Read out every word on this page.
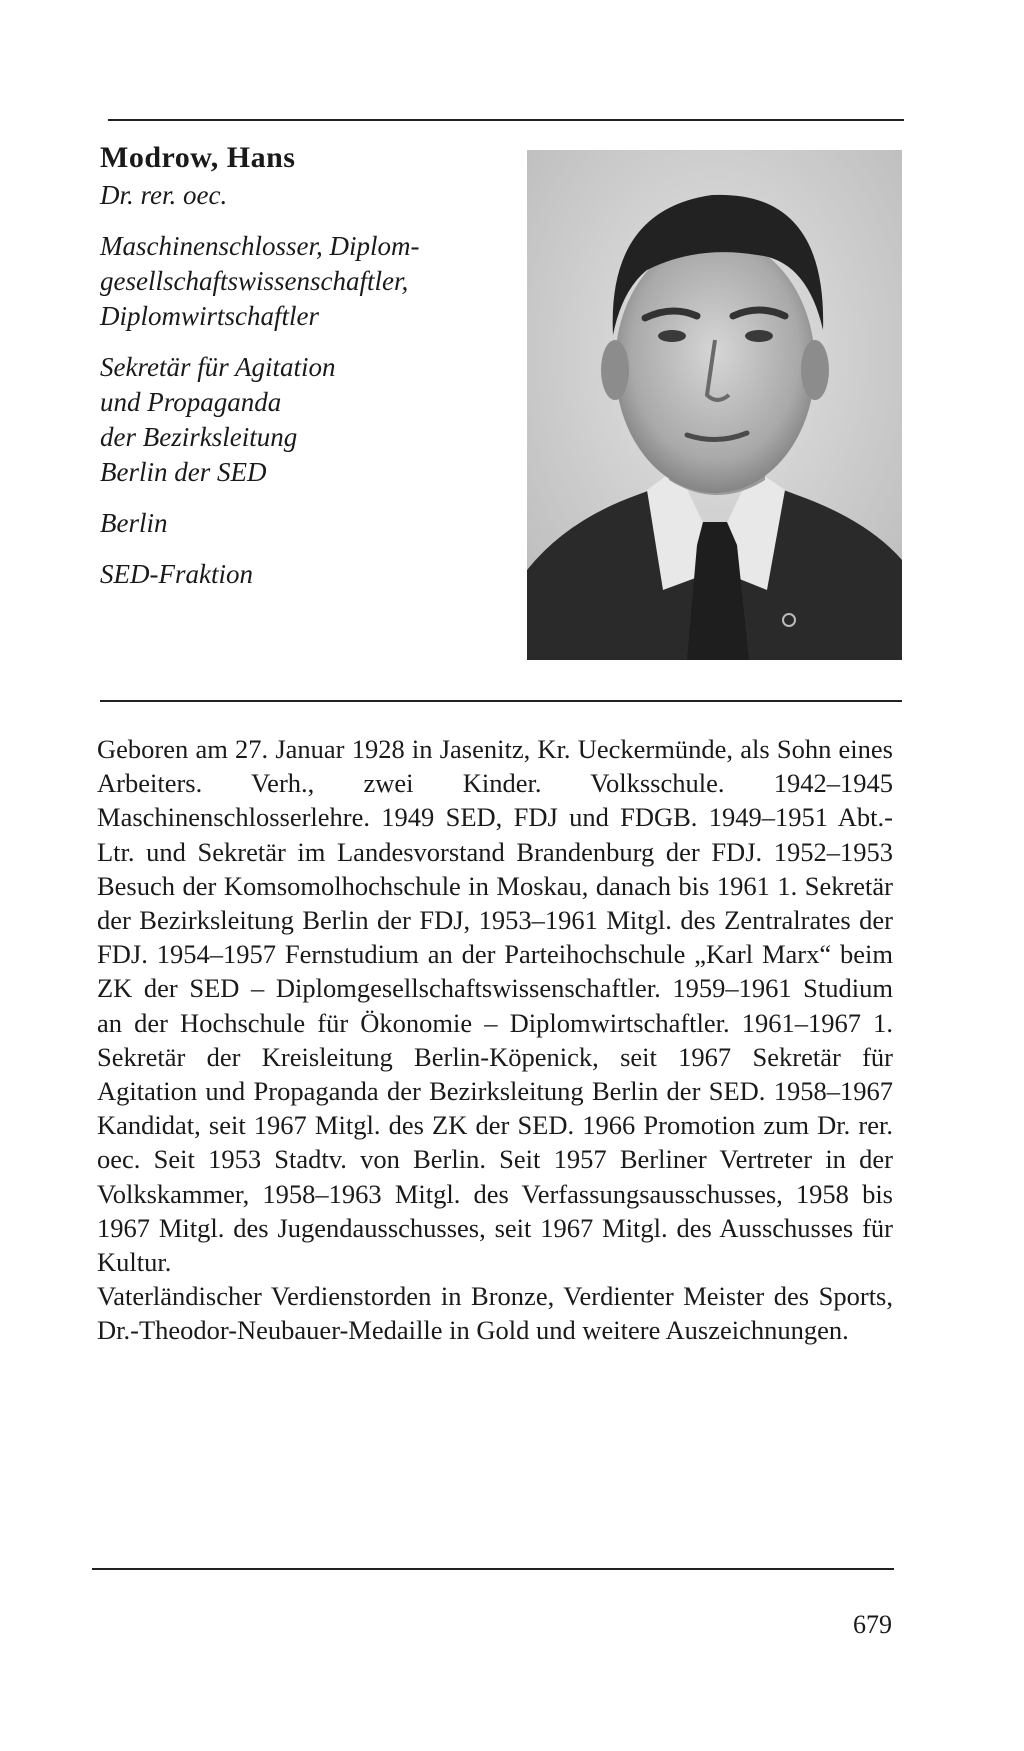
Modrow, Hans

Dr. rer. oec.

Maschinenschlosser, Diplom-

gesellschaftswissenschaftler,

Diplomwirtschaftler

Sekretär für Agitation

und Propaganda

der Bezirksleitung

Berlin der SED

Berlin

SED-Fraktion

Geboren am 27. Januar 1928 in Jasenitz, Kr. Ueckermünde, als Sohn eines Arbeiters. Verh., zwei Kinder. Volksschule. 1942–1945 Maschinenschlosserlehre. 1949 SED, FDJ und FDGB. 1949–1951 Abt.-Ltr. und Sekretär im Landesvorstand Brandenburg der FDJ. 1952–1953 Besuch der Komsomolhochschule in Moskau, danach bis 1961 1. Sekretär der Bezirksleitung Berlin der FDJ, 1953–1961 Mitgl. des Zentralrates der FDJ. 1954–1957 Fernstudium an der Parteihochschule „Karl Marx“ beim ZK der SED – Diplomgesellschaftswissenschaftler. 1959–1961 Studium an der Hochschule für Ökonomie – Diplomwirtschaftler. 1961–1967 1. Sekretär der Kreisleitung Berlin-Köpenick, seit 1967 Sekretär für Agitation und Propaganda der Bezirksleitung Berlin der SED. 1958–1967 Kandidat, seit 1967 Mitgl. des ZK der SED. 1966 Promotion zum Dr. rer. oec. Seit 1953 Stadtv. von Berlin. Seit 1957 Berliner Vertreter in der Volkskammer, 1958–1963 Mitgl. des Verfassungsausschusses, 1958 bis 1967 Mitgl. des Jugendausschusses, seit 1967 Mitgl. des Ausschusses für Kultur.

Vaterländischer Verdienstorden in Bronze, Verdienter Meister des Sports, Dr.-Theodor-Neubauer-Medaille in Gold und weitere Auszeichnungen.

679
